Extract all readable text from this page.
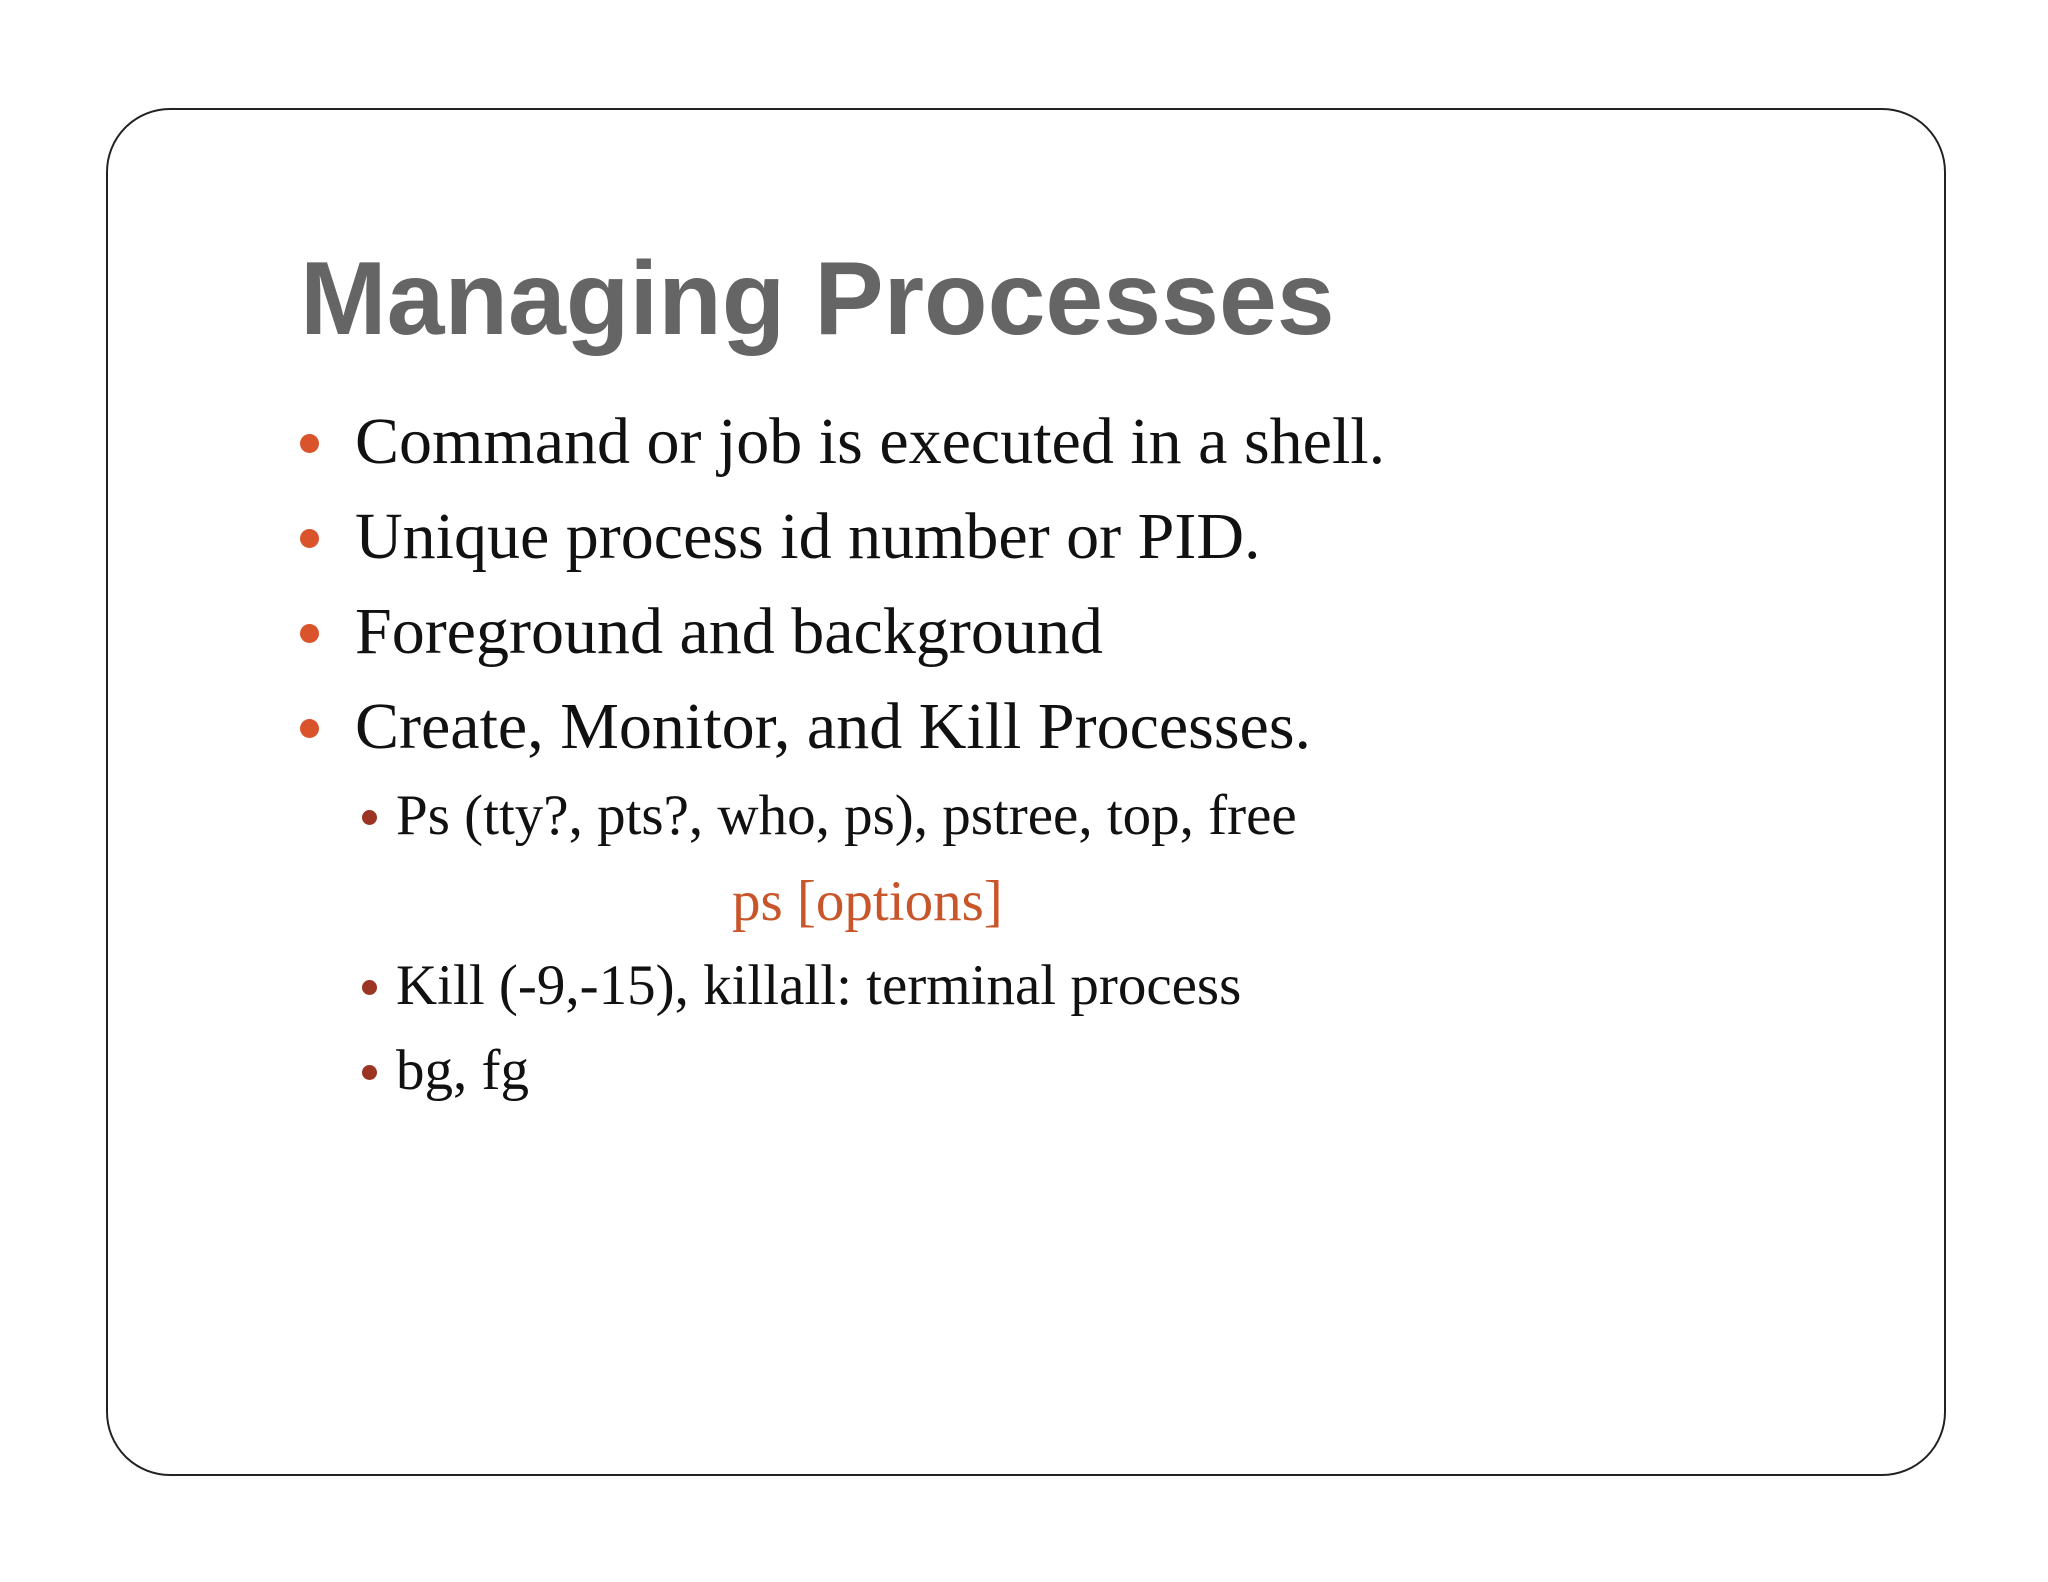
Managing Processes
Command or job is executed in a shell.
Unique process id number or PID.
Foreground and background
Create, Monitor, and Kill Processes.
Ps (tty?, pts?, who, ps), pstree, top, free
ps [options]
Kill (-9,-15), killall: terminal process
bg, fg
